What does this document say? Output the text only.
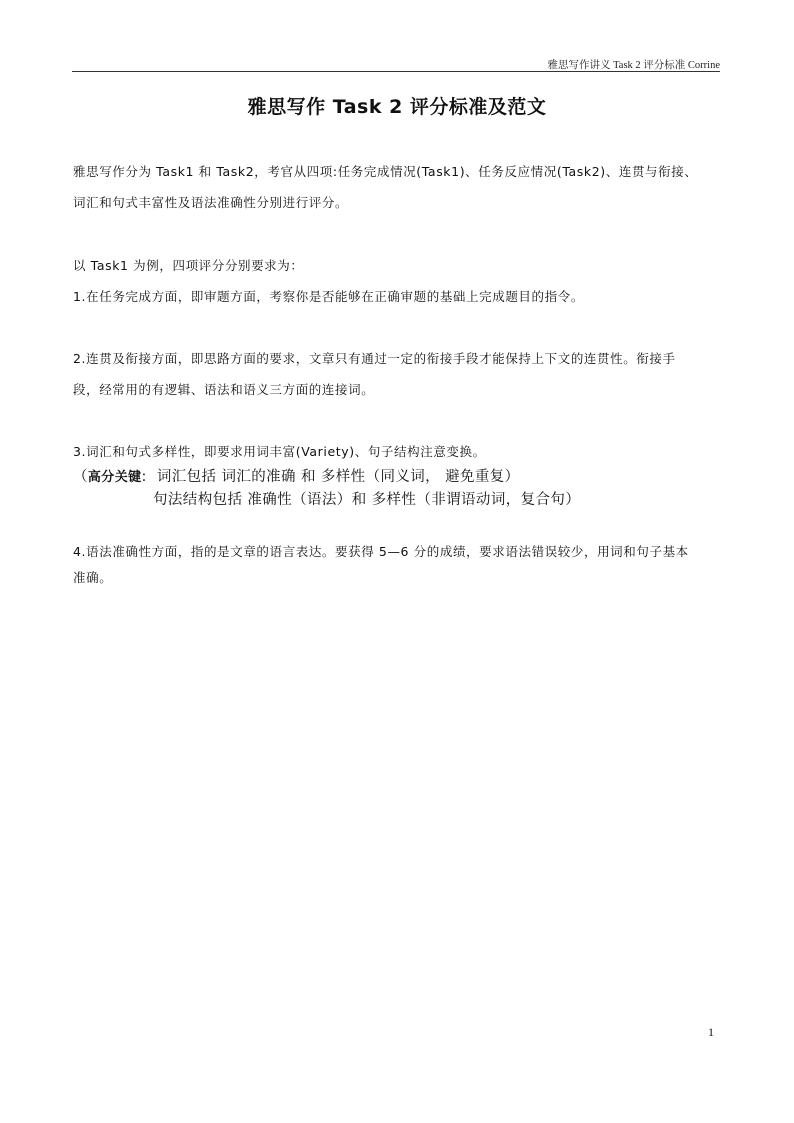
雅思写作讲义 Task 2 评分标准 Corrine
雅思写作 Task 2 评分标准及范文
雅思写作分为 Task1 和 Task2，考官从四项:任务完成情况(Task1)、任务反应情况(Task2)、连贯与衔接、
词汇和句式丰富性及语法准确性分别进行评分。
以 Task1 为例，四项评分分别要求为：
1.在任务完成方面，即审题方面，考察你是否能够在正确审题的基础上完成题目的指令。
2.连贯及衔接方面，即思路方面的要求，文章只有通过一定的衔接手段才能保持上下文的连贯性。衔接手
段，经常用的有逻辑、语法和语义三方面的连接词。
3.词汇和句式多样性，即要求用词丰富(Variety)、句子结构注意变换。
（高分关键: 词汇包括 词汇的准确 和 多样性（同义词， 避免重复）
句法结构包括 准确性（语法）和 多样性（非谓语动词，复合句）
4.语法准确性方面，指的是文章的语言表达。要获得 5—6 分的成绩，要求语法错误较少，用词和句子基本
准确。
1
